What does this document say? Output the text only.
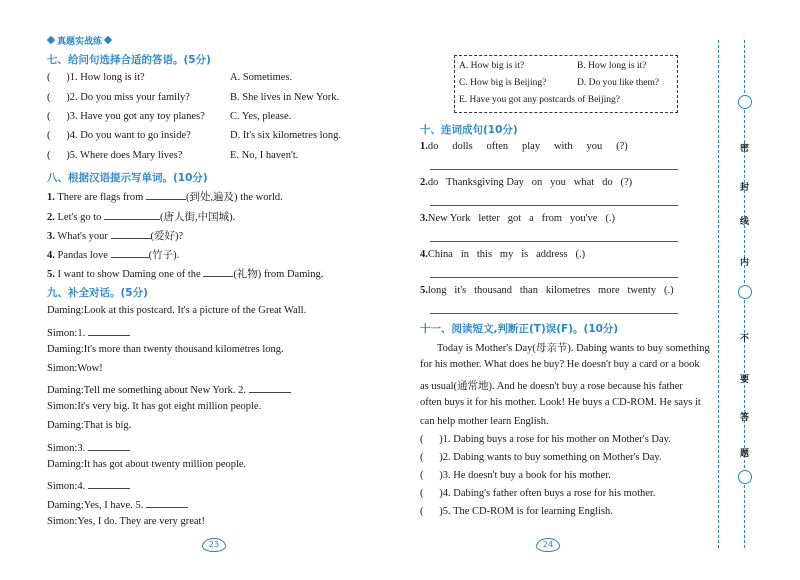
真题实战练
七、给问句选择合适的答语。(5分)
(      )1. How long is it?	A. Sometimes.
(      )2. Do you miss your family?	B. She lives in New York.
(      )3. Have you got any toy planes? C. Yes, please.
(      )4. Do you want to go inside?	D. It's six kilometres long.
(      )5. Where does Mary lives?	E. No, I haven't.
八、根据汉语提示写单词。(10分)
1. There are flags from	(到处,遍及) the world.
2. Let's go to	(唐人街,中国城).
3. What's your	(爱好)?
4. Pandas love	(竹子).
5. I want to show Daming one of the	(礼物) from Daming.
九、补全对话。(5分)
Daming:Look at this postcard. It's a picture of the Great Wall.
Simon:1.
Daming:It's more than twenty thousand kilometres long.
Simon:Wow!
Daming:Tell me something about New York. 2.
Simon:It's very big. It has got eight million people.
Daming:That is big.
Simon:3.
Daming:It has got about twenty million people.
Simon:4.
Daming:Yes, I have. 5.
Simon:Yes, I do. They are very great!
23
A. How big is it?	B. How long is it?
C. How big is Beijing?	D. Do you like them?
E. Have you got any postcards of Beijing?
十、连词成句(10分)
1.do   dolls   often   play   with   you   (?)
2.do   Thanksgiving Day   on   you   what   do   (?)
3.New York   letter   got   a   from   you've   (.)
4.China   in   this   my   is   address   (.)
5.long   it's   thousand   than   kilometres   more   twenty   (.)
十一、阅读短文,判断正(T)误(F)。(10分)
Today is Mother's Day(母亲节). Dabing wants to buy something
for his mother. What does he buy? He doesn't buy a card or a book
as usual(通常地). And he doesn't buy a rose because his father
often buys it for his mother. Look! He buys a CD-ROM. He says it
can help mother learn English.
(      )1. Dabing buys a rose for his mother on Mother's Day.
(      )2. Dabing wants to buy something on Mother's Day.
(      )3. He doesn't buy a book for his mother.
(      )4. Dabing's father often buys a rose for his mother.
(      )5. The CD-ROM is for learning English.
24
密
封
线
内
不
要
答
题
